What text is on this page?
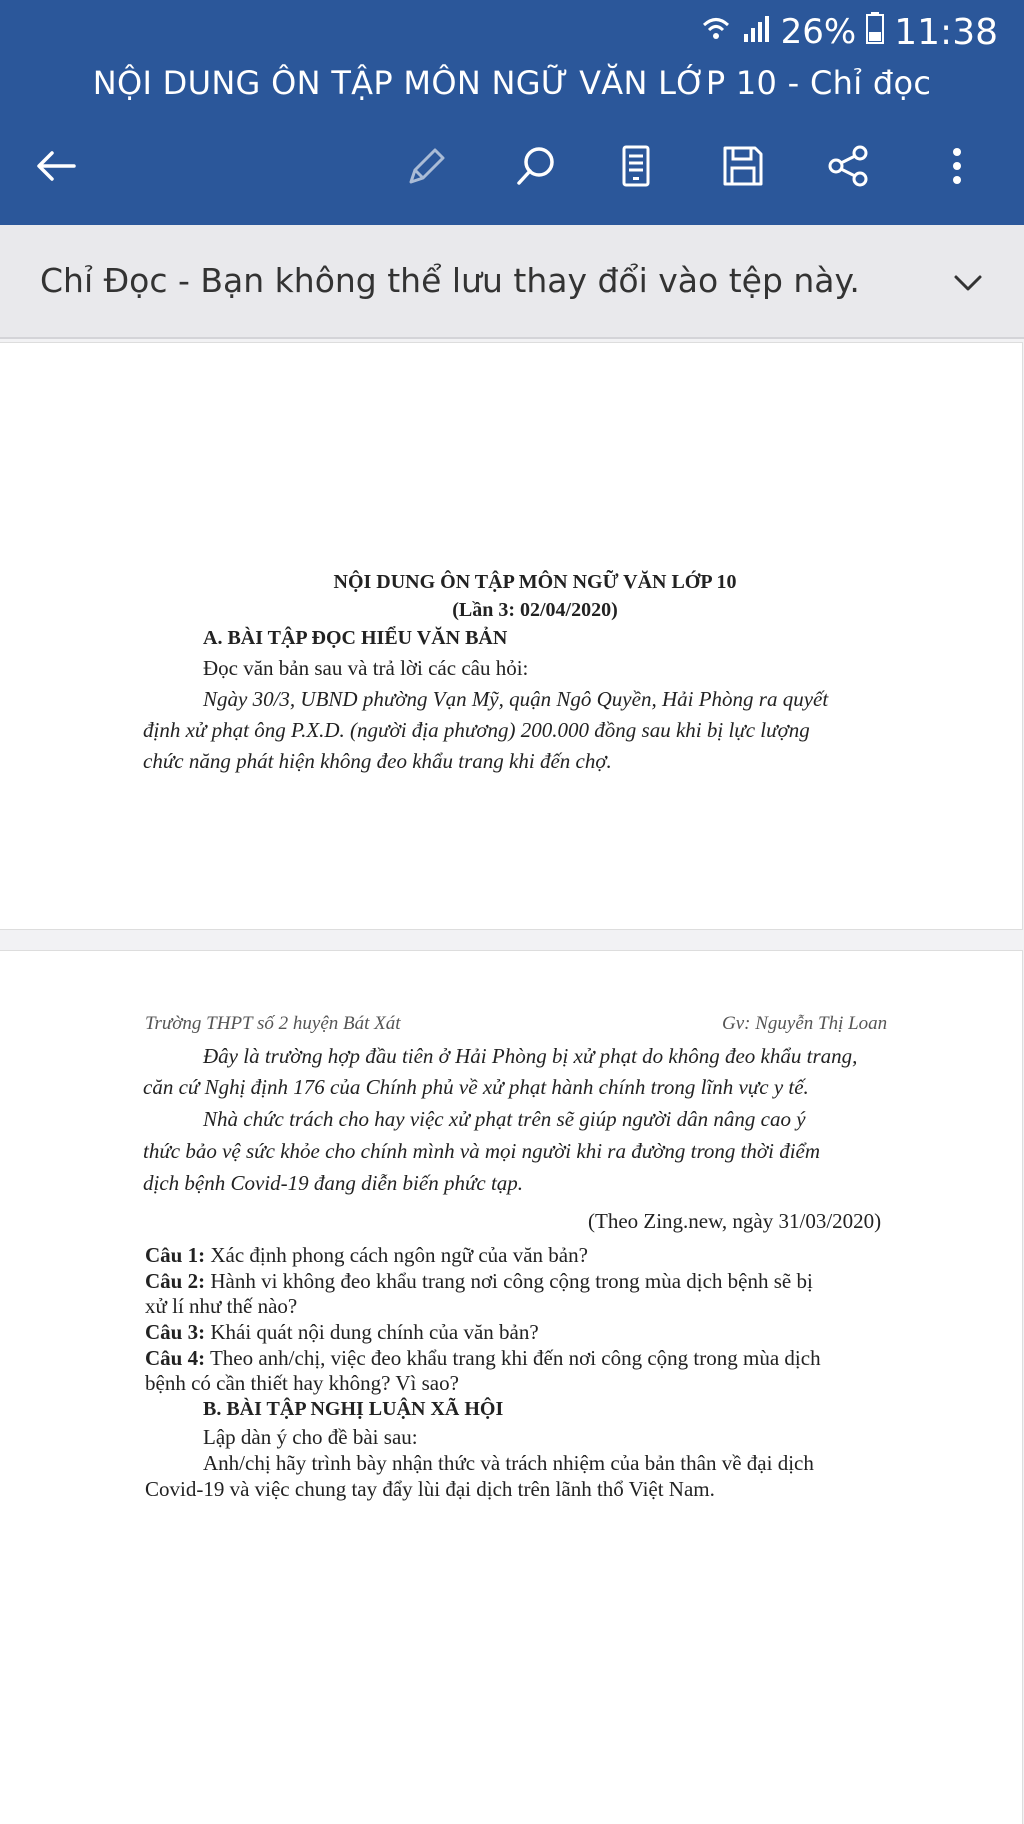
26% 11:38
NỘI DUNG ÔN TẬP MÔN NGỮ VĂN LỚP 10 - Chỉ đọc
Chỉ Đọc - Bạn không thể lưu thay đổi vào tệp này.
NỘI DUNG ÔN TẬP MÔN NGỮ VĂN LỚP 10
(Lần 3: 02/04/2020)
A. BÀI TẬP ĐỌC HIỂU VĂN BẢN
Đọc văn bản sau và trả lời các câu hỏi:
Ngày 30/3, UBND phường Vạn Mỹ, quận Ngô Quyền, Hải Phòng ra quyết
định xử phạt ông P.X.D. (người địa phương) 200.000 đồng sau khi bị lực lượng
chức năng phát hiện không đeo khẩu trang khi đến chợ.
Trường THPT số 2 huyện Bát Xát	Gv: Nguyễn Thị Loan
Đây là trường hợp đầu tiên ở Hải Phòng bị xử phạt do không đeo khẩu trang,
căn cứ Nghị định 176 của Chính phủ về xử phạt hành chính trong lĩnh vực y tế.
Nhà chức trách cho hay việc xử phạt trên sẽ giúp người dân nâng cao ý
thức bảo vệ sức khỏe cho chính mình và mọi người khi ra đường trong thời điểm
dịch bệnh Covid-19 đang diễn biến phức tạp.
(Theo Zing.new, ngày 31/03/2020)
Câu 1: Xác định phong cách ngôn ngữ của văn bản?
Câu 2: Hành vi không đeo khẩu trang nơi công cộng trong mùa dịch bệnh sẽ bị
xử lí như thế nào?
Câu 3: Khái quát nội dung chính của văn bản?
Câu 4: Theo anh/chị, việc đeo khẩu trang khi đến nơi công cộng trong mùa dịch
bệnh có cần thiết hay không? Vì sao?
B. BÀI TẬP NGHỊ LUẬN XÃ HỘI
Lập dàn ý cho đề bài sau:
Anh/chị hãy trình bày nhận thức và trách nhiệm của bản thân về đại dịch
Covid-19 và việc chung tay đẩy lùi đại dịch trên lãnh thổ Việt Nam.
